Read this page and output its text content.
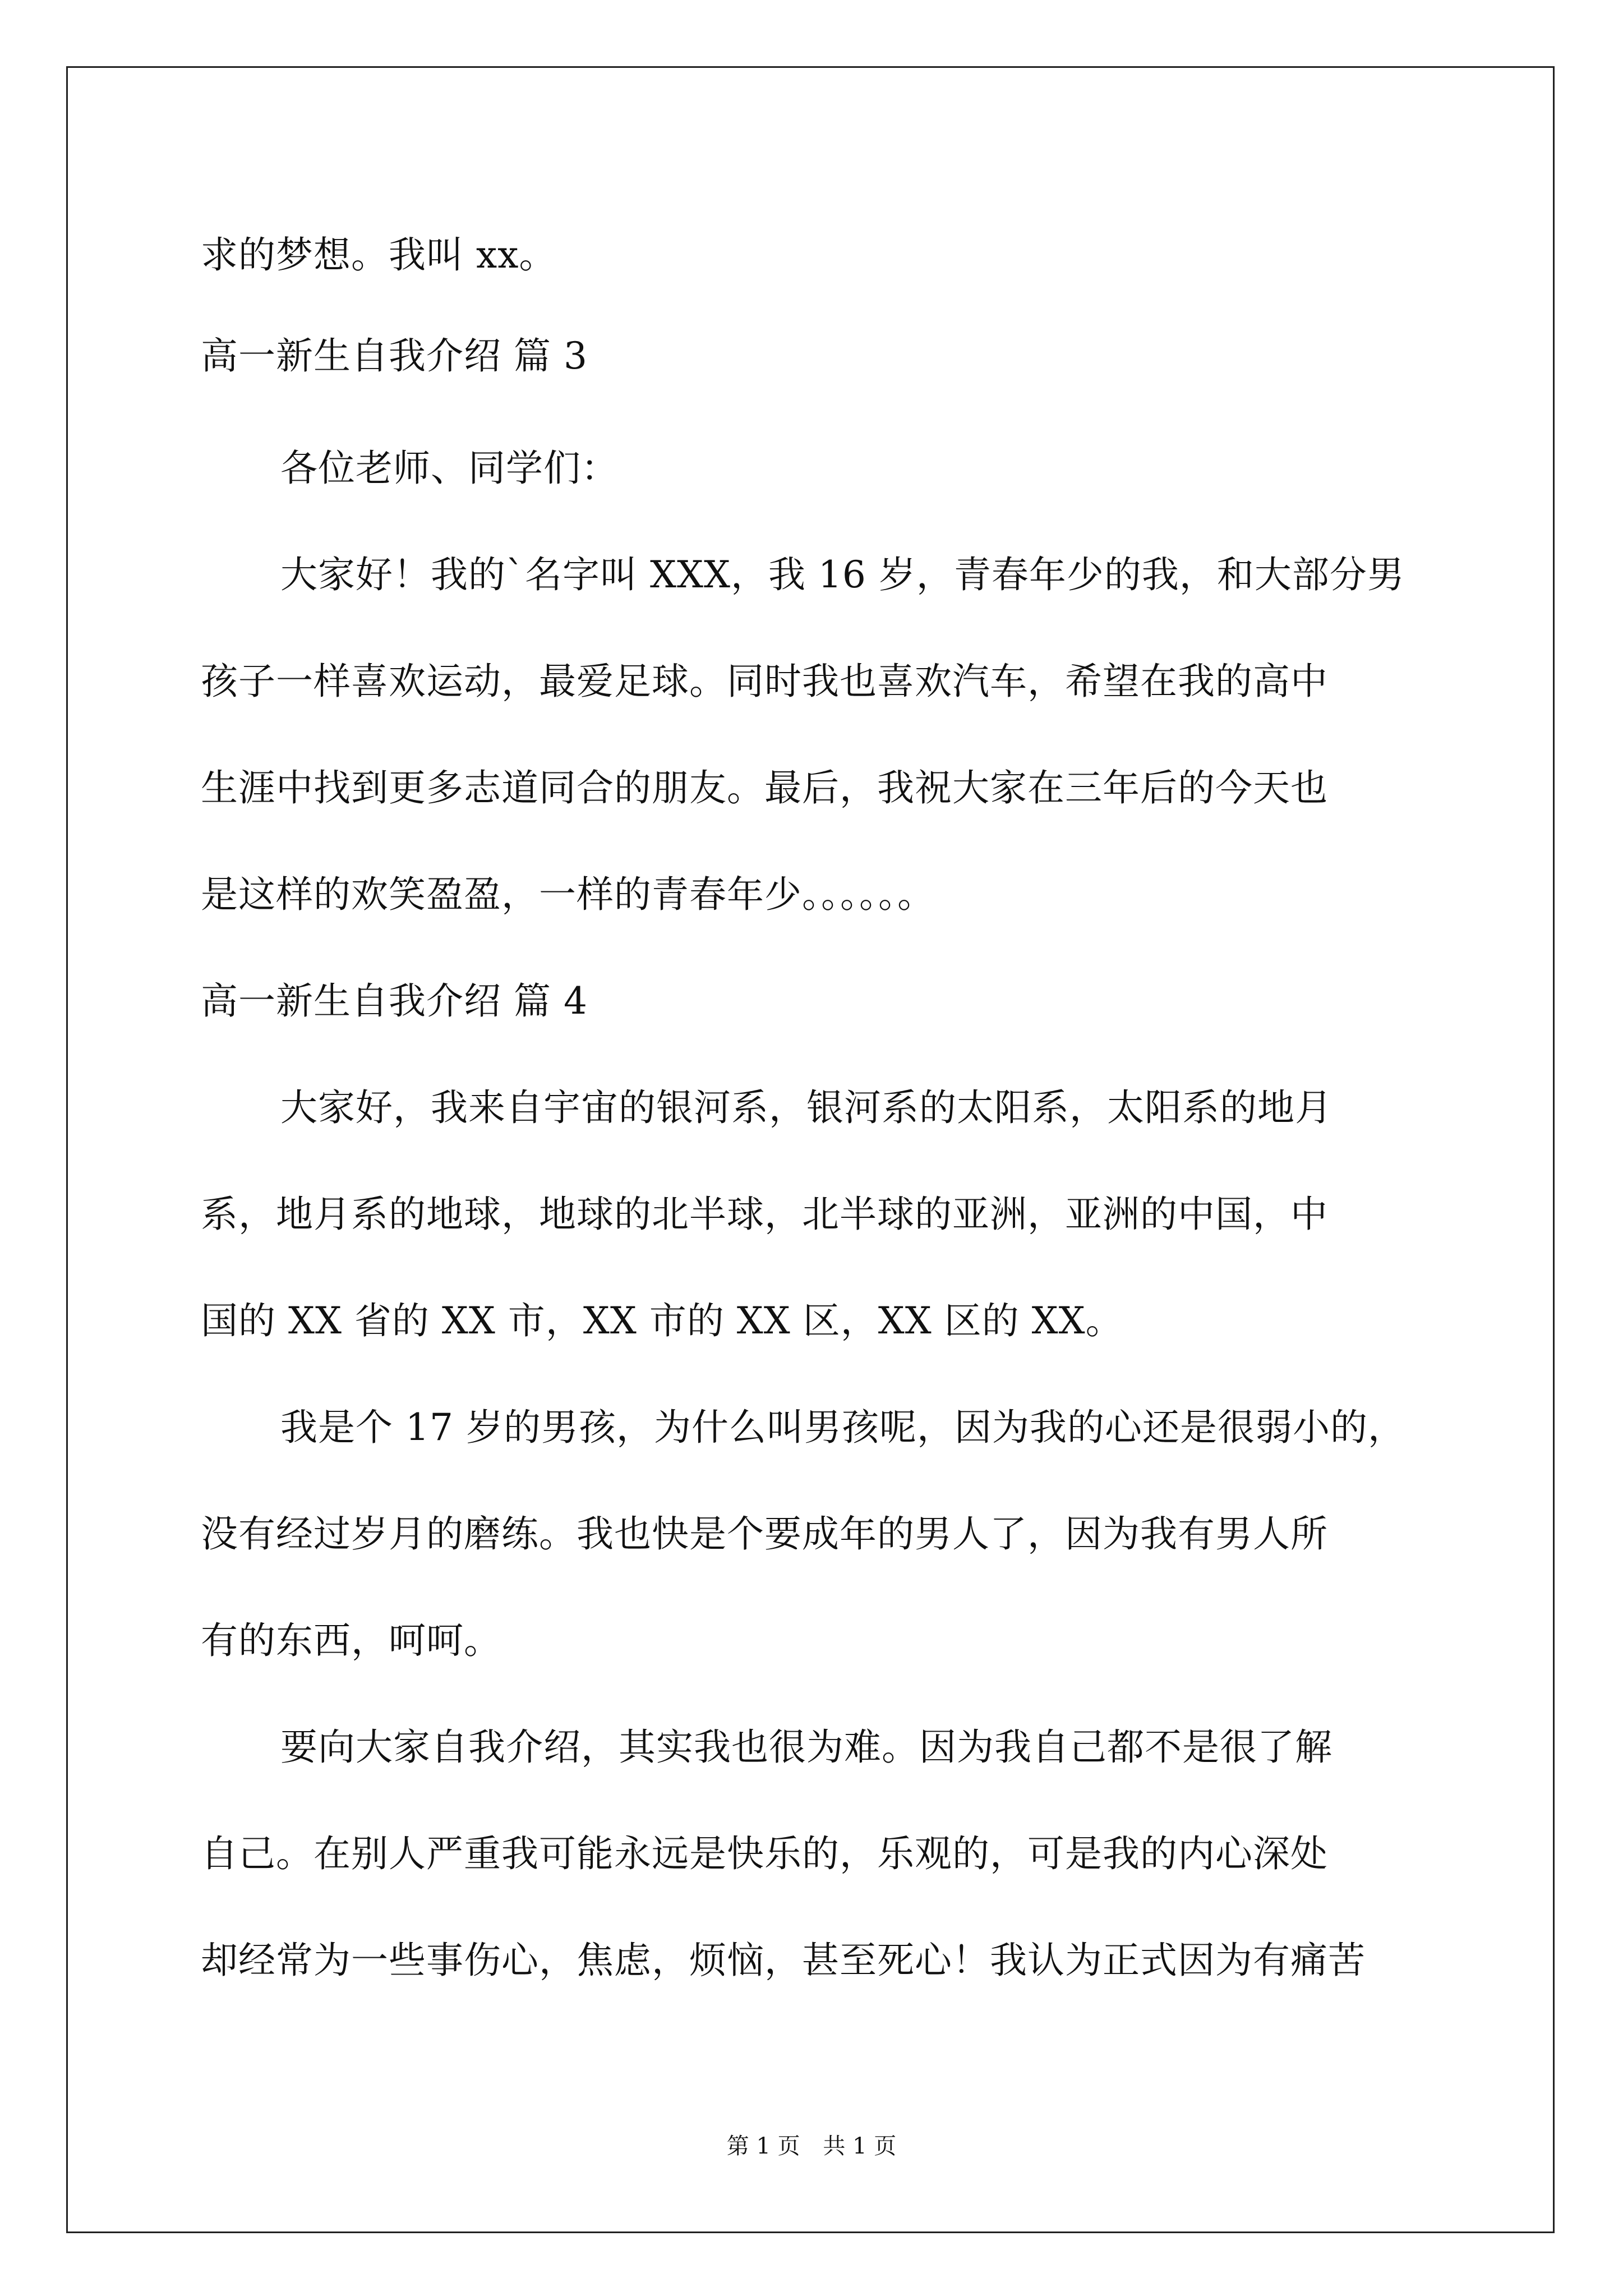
求的梦想。我叫 xx。
高一新生自我介绍 篇 3
各位老师、同学们：
大家好！我的`名字叫 XXX，我 16 岁，青春年少的我，和大部分男
孩子一样喜欢运动，最爱足球。同时我也喜欢汽车，希望在我的高中
生涯中找到更多志道同合的朋友。最后，我祝大家在三年后的今天也
是这样的欢笑盈盈，一样的青春年少。。。。。。
高一新生自我介绍 篇 4
大家好，我来自宇宙的银河系，银河系的太阳系，太阳系的地月
系，地月系的地球，地球的北半球，北半球的亚洲，亚洲的中国，中
国的 XX 省的 XX 市，XX 市的 XX 区，XX 区的 XX。
我是个 17 岁的男孩，为什么叫男孩呢，因为我的心还是很弱小的，
没有经过岁月的磨练。我也快是个要成年的男人了，因为我有男人所
有的东西，呵呵。
要向大家自我介绍，其实我也很为难。因为我自己都不是很了解
自己。在别人严重我可能永远是快乐的，乐观的，可是我的内心深处
却经常为一些事伤心，焦虑，烦恼，甚至死心！我认为正式因为有痛苦
第 1 页 共 1 页
